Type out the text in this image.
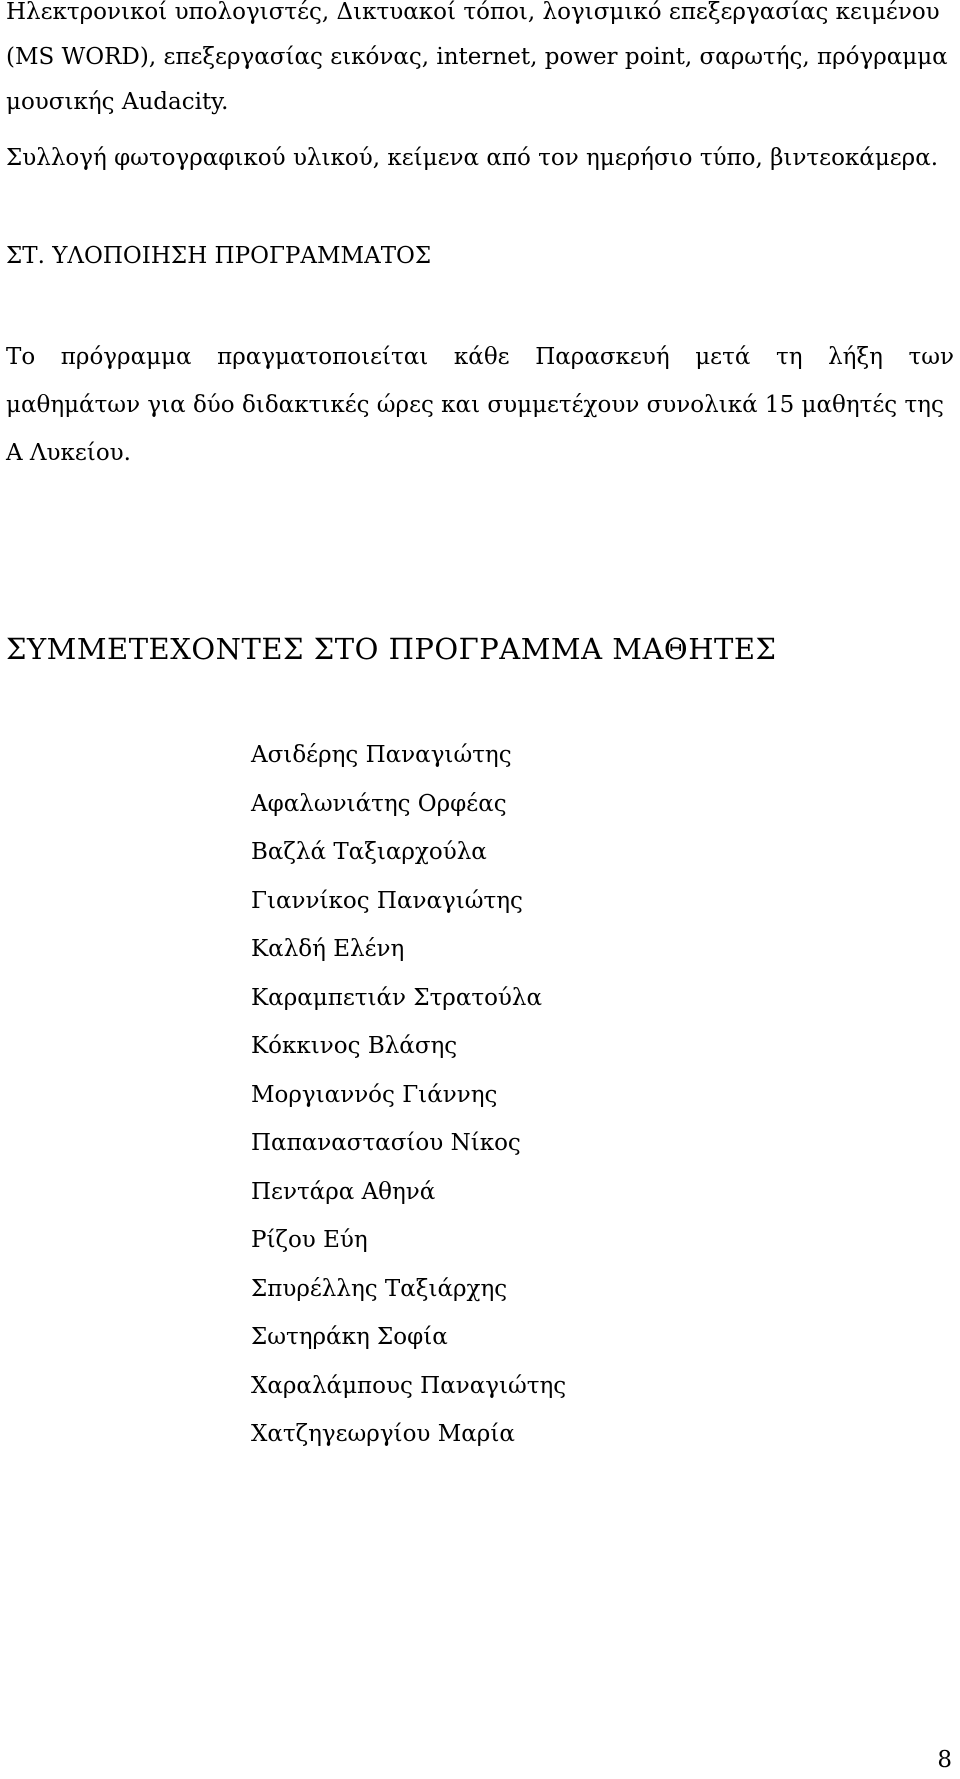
Ηλεκτρονικοί υπολογιστές, Δικτυακοί τόποι, λογισμικό επεξεργασίας κειμένου
(MS WORD), επεξεργασίας εικόνας, internet, power point, σαρωτής, πρόγραμμα
μουσικής Audacity.
Συλλογή φωτογραφικού υλικού, κείμενα από τον ημερήσιο τύπο, βιντεοκάμερα.
ΣΤ. ΥΛΟΠΟΙΗΣΗ ΠΡΟΓΡΑΜΜΑΤΟΣ
Το πρόγραμμα πραγματοποιείται κάθε Παρασκευή μετά τη λήξη των
μαθημάτων για δύο διδακτικές ώρες και συμμετέχουν συνολικά 15 μαθητές της
Α Λυκείου.
ΣΥΜΜΕΤΕΧΟΝΤΕΣ ΣΤΟ ΠΡΟΓΡΑΜΜΑ ΜΑΘΗΤΕΣ
Ασιδέρης Παναγιώτης
Αφαλωνιάτης Ορφέας
Βαζλά Ταξιαρχούλα
Γιαννίκος Παναγιώτης
Καλδή Ελένη
Καραμπετιάν Στρατούλα
Κόκκινος Βλάσης
Μοργιαννός Γιάννης
Παπαναστασίου Νίκος
Πεντάρα Αθηνά
Ρίζου Εύη
Σπυρέλλης Ταξιάρχης
Σωτηράκη Σοφία
Χαραλάμπους Παναγιώτης
Χατζηγεωργίου Μαρία
8
